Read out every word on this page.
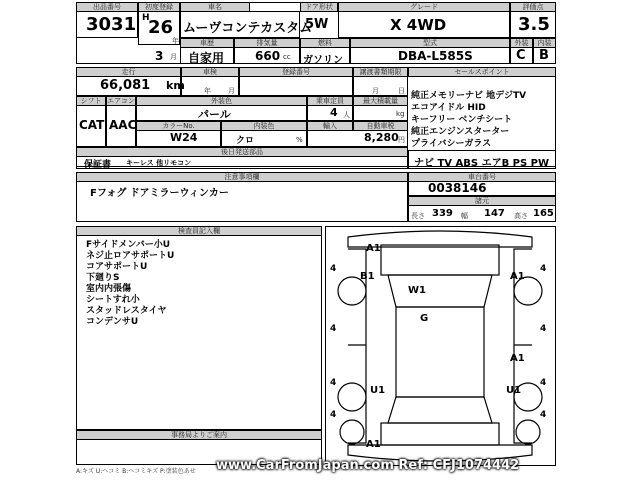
出品番号
3031
初度登録
H
26
年
車名
ムーヴコンテカスタム
ドア形状
5W
グレード
X 4WD
評価点
3.5
3 月
車歴
自家用
排気量
660 cc
燃料
ガソリン
型式
DBA-L585S
外装	内装
C B
走行
66,081 km
車検
年 月
登録番号	譲渡書類期限
月	日
セールスポイント
純正メモリーナビ 地デジTV
エコアイドル HID
キーフリー ベンチシート
純正エンジンスターター
プライバシーガラス
シフト エアコン
CAT AAC
外装色
パール
乗車定員
4 人
最大積載量
kg
カラーNo.	内装色
W24	クロ	%
輸入	自動車税
8,280 円
後日発送部品
保証書 キーレス 他リモコン	ナビ TV ABS エアB PS PW
注意事項欄
Fフォグ ドアミラーウィンカー
車台番号
0038146
諸元
長さ 339 幅 147 高さ 165
検査員記入欄
Fサイドメンバー小U
ネジ止ロアサポートU
コアサポートU
下廻りS
室内内張傷
シートすれ小
スタッドレスタイヤ
コンデンサU
事務局よりご案内
A1
B1	A1
W1
G
A1
U1	U1
A1
4	4
4	4
4	4
4	4
A:キズ U:ヘコミ B:ヘコミキズ P:塗装色あせ www.CarFromJapan.com Ref: CFJ1074442
